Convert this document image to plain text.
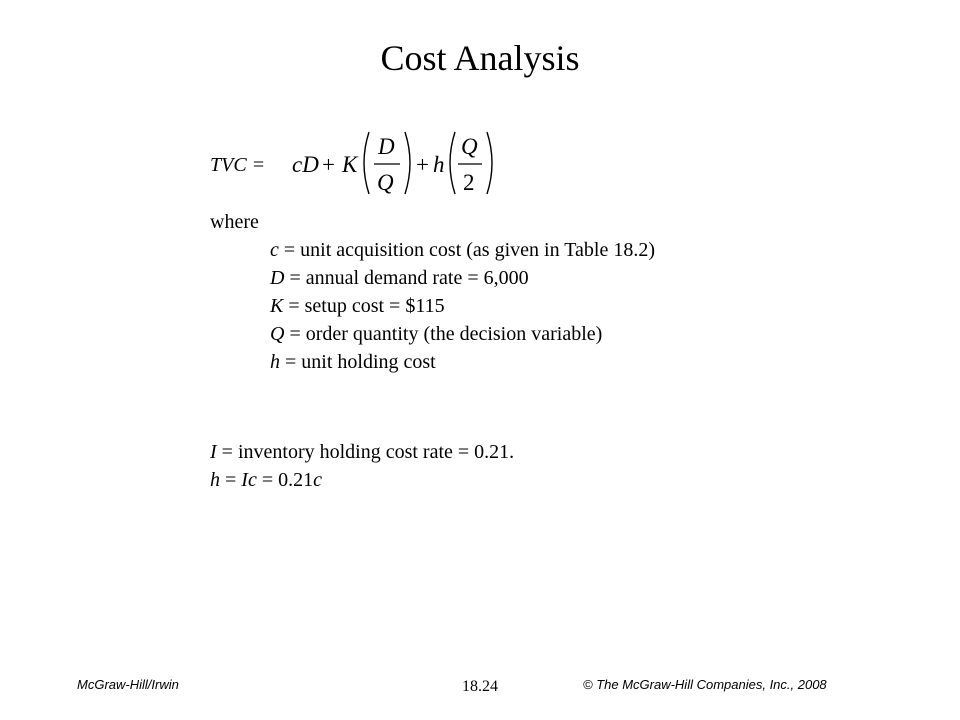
Cost Analysis
TVC = cD + K
D
Q
+ h
Q
2
where
c = unit acquisition cost (as given in Table 18.2)
D = annual demand rate = 6,000
K = setup cost = $115
Q = order quantity (the decision variable)
h = unit holding cost
I = inventory holding cost rate = 0.21.
h = Ic = 0.21c
McGraw-Hill/Irwin	18.24	© The McGraw-Hill Companies, Inc., 2008
